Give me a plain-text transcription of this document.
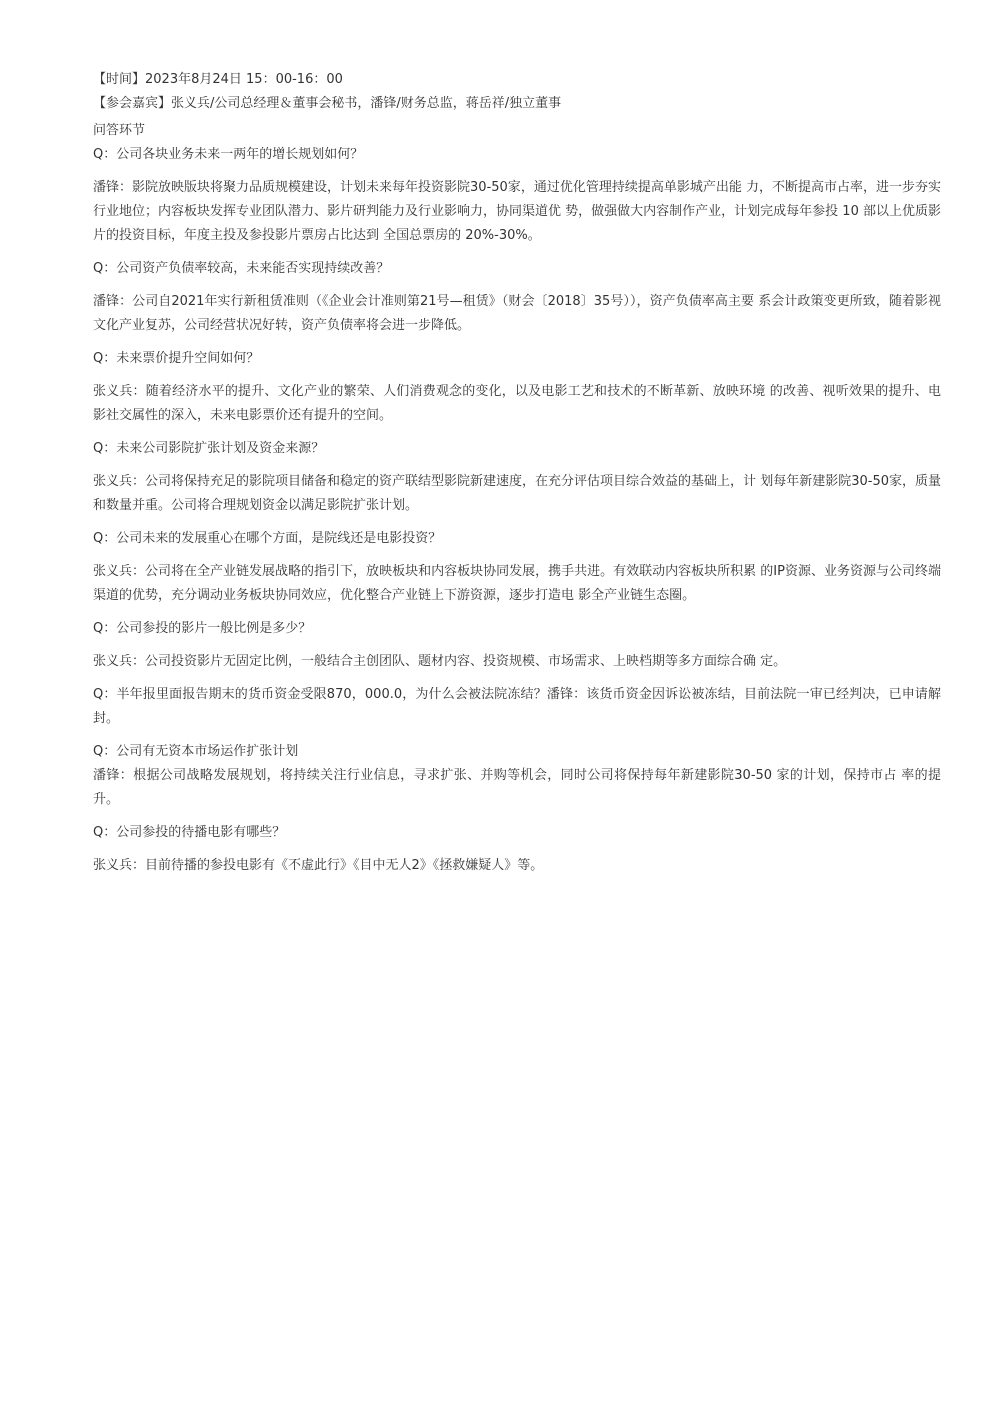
【时间】2023年8月24日 15：00-16：00

【参会嘉宾】张义兵/公司总经理＆董事会秘书，潘锋/财务总监，蒋岳祥/独立董事

问答环节

Q：公司各块业务未来一两年的增长规划如何？

潘锋：影院放映版块将聚力品质规模建设，计划未来每年投资影院30-50家，通过优化管理持续提高单影城产出能 力，不断提高市占率，进一步夯实行业地位；内容板块发挥专业团队潜力、影片研判能力及行业影响力，协同渠道优 势，做强做大内容制作产业，计划完成每年参投 10 部以上优质影片的投资目标，年度主投及参投影片票房占比达到 全国总票房的 20%-30%。

Q：公司资产负债率较高，未来能否实现持续改善？

潘锋：公司自2021年实行新租赁准则（《企业会计准则第21号—租赁》（财会〔2018〕35号）），资产负债率高主要 系会计政策变更所致，随着影视文化产业复苏，公司经营状况好转，资产负债率将会进一步降低。

Q：未来票价提升空间如何？

张义兵：随着经济水平的提升、文化产业的繁荣、人们消费观念的变化，以及电影工艺和技术的不断革新、放映环境 的改善、视听效果的提升、电影社交属性的深入，未来电影票价还有提升的空间。

Q：未来公司影院扩张计划及资金来源？

张义兵：公司将保持充足的影院项目储备和稳定的资产联结型影院新建速度，在充分评估项目综合效益的基础上，计 划每年新建影院30-50家，质量和数量并重。公司将合理规划资金以满足影院扩张计划。

Q：公司未来的发展重心在哪个方面，是院线还是电影投资？

张义兵：公司将在全产业链发展战略的指引下，放映板块和内容板块协同发展，携手共进。有效联动内容板块所积累 的IP资源、业务资源与公司终端渠道的优势，充分调动业务板块协同效应，优化整合产业链上下游资源，逐步打造电 影全产业链生态圈。

Q：公司参投的影片一般比例是多少？

张义兵：公司投资影片无固定比例，一般结合主创团队、题材内容、投资规模、市场需求、上映档期等多方面综合确 定。

Q：半年报里面报告期末的货币资金受限870，000.0，为什么会被法院冻结？潘锋：该货币资金因诉讼被冻结，目前法院一审已经判决，已申请解封。

Q：公司有无资本市场运作扩张计划

潘锋：根据公司战略发展规划，将持续关注行业信息，寻求扩张、并购等机会，同时公司将保持每年新建影院30-50 家的计划，保持市占 率的提升。

Q：公司参投的待播电影有哪些？

张义兵：目前待播的参投电影有《不虚此行》《目中无人2》《拯救嫌疑人》等。
